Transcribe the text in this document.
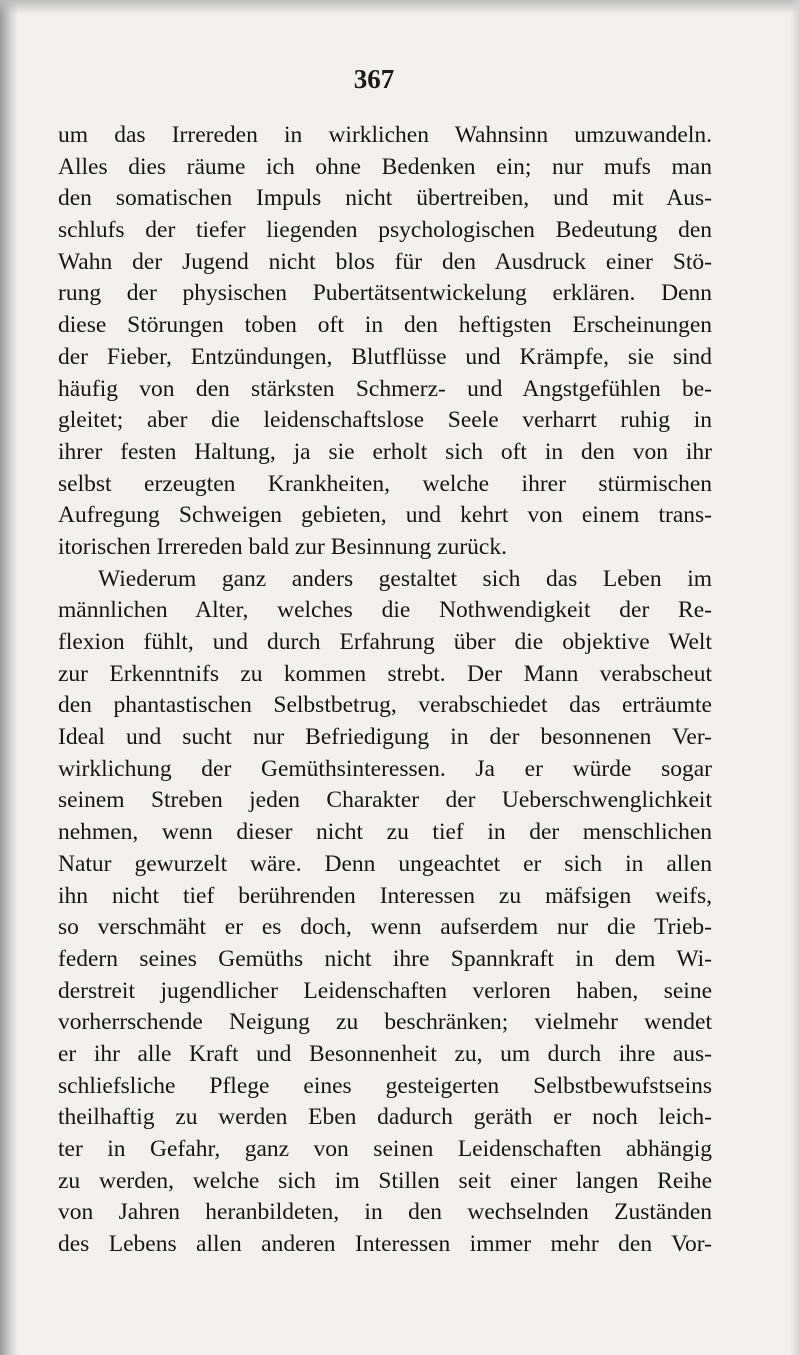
367
um das Irrereden in wirklichen Wahnsinn umzuwandeln.
Alles dies räume ich ohne Bedenken ein; nur mufs man
den somatischen Impuls nicht übertreiben, und mit Aus-
schlufs der tiefer liegenden psychologischen Bedeutung den
Wahn der Jugend nicht blos für den Ausdruck einer Stö-
rung der physischen Pubertätsentwickelung erklären. Denn
diese Störungen toben oft in den heftigsten Erscheinungen
der Fieber, Entzündungen, Blutflüsse und Krämpfe, sie sind
häufig von den stärksten Schmerz- und Angstgefühlen be-
gleitet; aber die leidenschaftslose Seele verharrt ruhig in
ihrer festen Haltung, ja sie erholt sich oft in den von ihr
selbst erzeugten Krankheiten, welche ihrer stürmischen
Aufregung Schweigen gebieten, und kehrt von einem trans-
itorischen Irrereden bald zur Besinnung zurück.
Wiederum ganz anders gestaltet sich das Leben im
männlichen Alter, welches die Nothwendigkeit der Re-
flexion fühlt, und durch Erfahrung über die objektive Welt
zur Erkenntnifs zu kommen strebt. Der Mann verabscheut
den phantastischen Selbstbetrug, verabschiedet das erträumte
Ideal und sucht nur Befriedigung in der besonnenen Ver-
wirklichung der Gemüthsinteressen. Ja er würde sogar
seinem Streben jeden Charakter der Ueberschwenglichkeit
nehmen, wenn dieser nicht zu tief in der menschlichen
Natur gewurzelt wäre. Denn ungeachtet er sich in allen
ihn nicht tief berührenden Interessen zu mäfsigen weifs,
so verschmäht er es doch, wenn aufserdem nur die Trieb-
federn seines Gemüths nicht ihre Spannkraft in dem Wi-
derstreit jugendlicher Leidenschaften verloren haben, seine
vorherrschende Neigung zu beschränken; vielmehr wendet
er ihr alle Kraft und Besonnenheit zu, um durch ihre aus-
schliefsliche Pflege eines gesteigerten Selbstbewufstseins
theilhaftig zu werden Eben dadurch geräth er noch leich-
ter in Gefahr, ganz von seinen Leidenschaften abhängig
zu werden, welche sich im Stillen seit einer langen Reihe
von Jahren heranbildeten, in den wechselnden Zuständen
des Lebens allen anderen Interessen immer mehr den Vor-
